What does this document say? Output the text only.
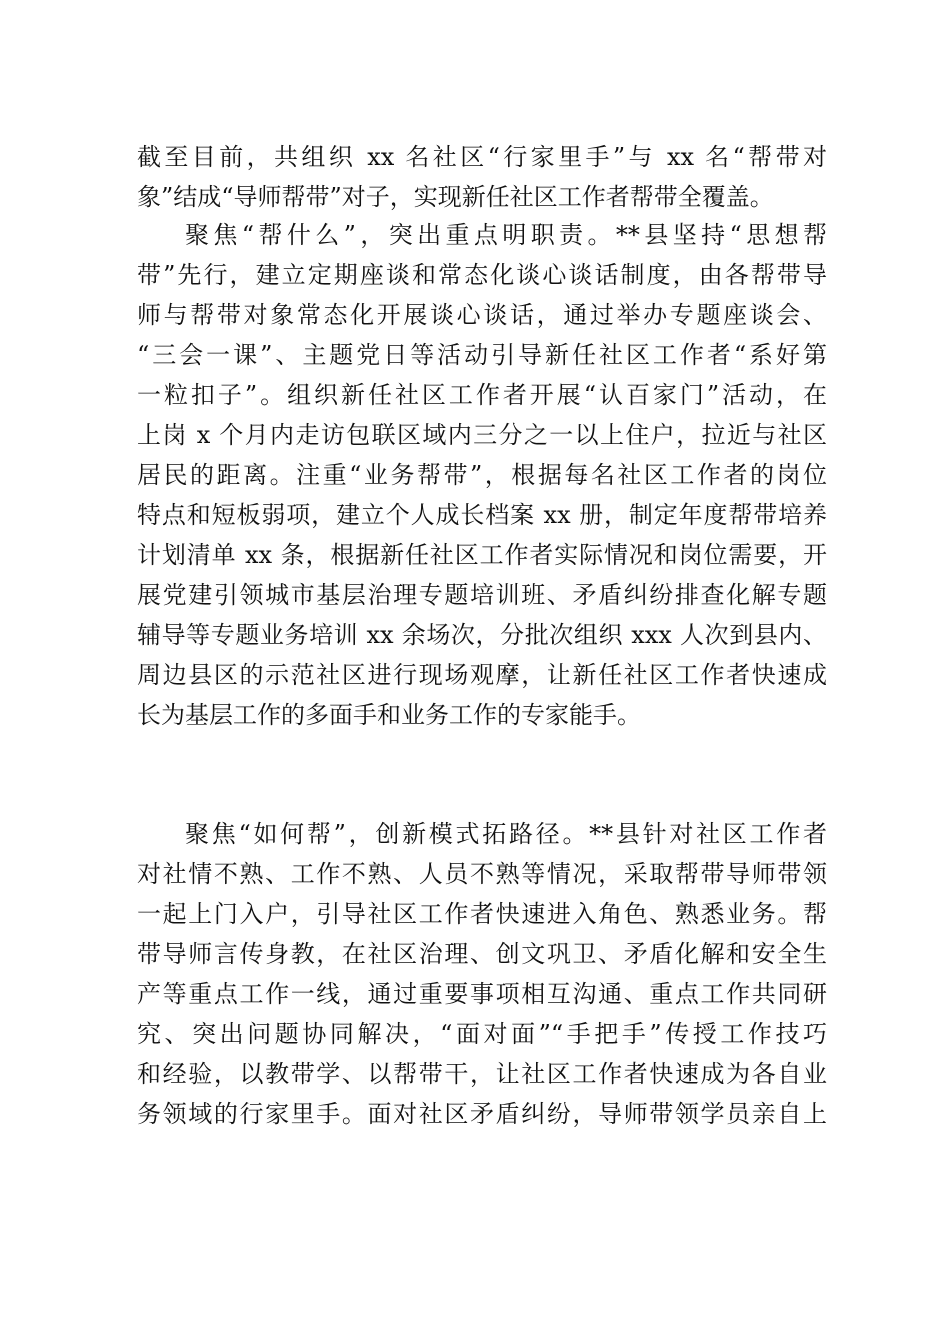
截至目前，共组织 xx 名社区“行家里手”与 xx 名“帮带对
象”结成“导师帮带”对子，实现新任社区工作者帮带全覆盖。
聚焦“帮什么”，突出重点明职责。**县坚持“思想帮
带”先行，建立定期座谈和常态化谈心谈话制度，由各帮带导
师与帮带对象常态化开展谈心谈话，通过举办专题座谈会、
“三会一课”、主题党日等活动引导新任社区工作者“系好第
一粒扣子”。组织新任社区工作者开展“认百家门”活动，在
上岗 x 个月内走访包联区域内三分之一以上住户，拉近与社区
居民的距离。注重“业务帮带”，根据每名社区工作者的岗位
特点和短板弱项，建立个人成长档案 xx 册，制定年度帮带培养
计划清单 xx 条，根据新任社区工作者实际情况和岗位需要，开
展党建引领城市基层治理专题培训班、矛盾纠纷排查化解专题
辅导等专题业务培训 xx 余场次，分批次组织 xxx 人次到县内、
周边县区的示范社区进行现场观摩，让新任社区工作者快速成
长为基层工作的多面手和业务工作的专家能手。
聚焦“如何帮”，创新模式拓路径。**县针对社区工作者
对社情不熟、工作不熟、人员不熟等情况，采取帮带导师带领
一起上门入户，引导社区工作者快速进入角色、熟悉业务。帮
带导师言传身教，在社区治理、创文巩卫、矛盾化解和安全生
产等重点工作一线，通过重要事项相互沟通、重点工作共同研
究、突出问题协同解决，“面对面”“手把手”传授工作技巧
和经验，以教带学、以帮带干，让社区工作者快速成为各自业
务领域的行家里手。面对社区矛盾纠纷，导师带领学员亲自上
